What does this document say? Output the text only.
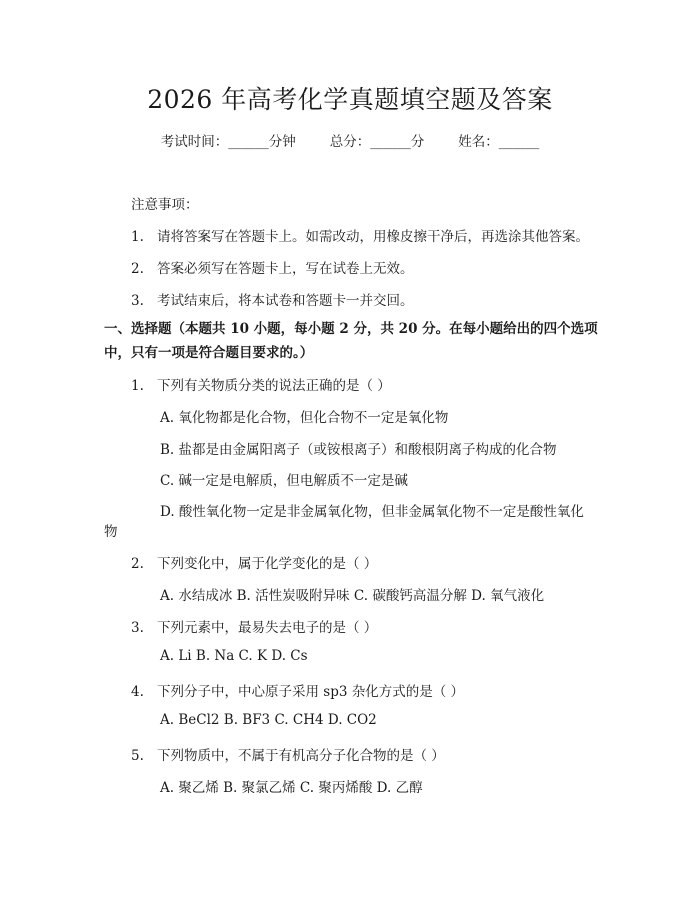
2026 年高考化学真题填空题及答案
考试时间：______分钟	总分：______分	姓名：______
注意事项：
1. 请将答案写在答题卡上。如需改动，用橡皮擦干净后，再选涂其他答案。
2. 答案必须写在答题卡上，写在试卷上无效。
3. 考试结束后，将本试卷和答题卡一并交回。
一、选择题（本题共 10 小题，每小题 2 分，共 20 分。在每小题给出的四个选项中，只有一项是符合题目要求的。）
1. 下列有关物质分类的说法正确的是（ ）
A. 氧化物都是化合物，但化合物不一定是氧化物
B. 盐都是由金属阳离子（或铵根离子）和酸根阴离子构成的化合物
C. 碱一定是电解质，但电解质不一定是碱
D. 酸性氧化物一定是非金属氧化物，但非金属氧化物不一定是酸性氧化
物
2. 下列变化中，属于化学变化的是（ ）
A. 水结成冰 B. 活性炭吸附异味 C. 碳酸钙高温分解 D. 氧气液化
3. 下列元素中，最易失去电子的是（ ）
A. Li B. Na C. K D. Cs
4. 下列分子中，中心原子采用 sp3 杂化方式的是（ ）
A. BeCl2 B. BF3 C. CH4 D. CO2
5. 下列物质中，不属于有机高分子化合物的是（ ）
A. 聚乙烯 B. 聚氯乙烯 C. 聚丙烯酸 D. 乙醇
